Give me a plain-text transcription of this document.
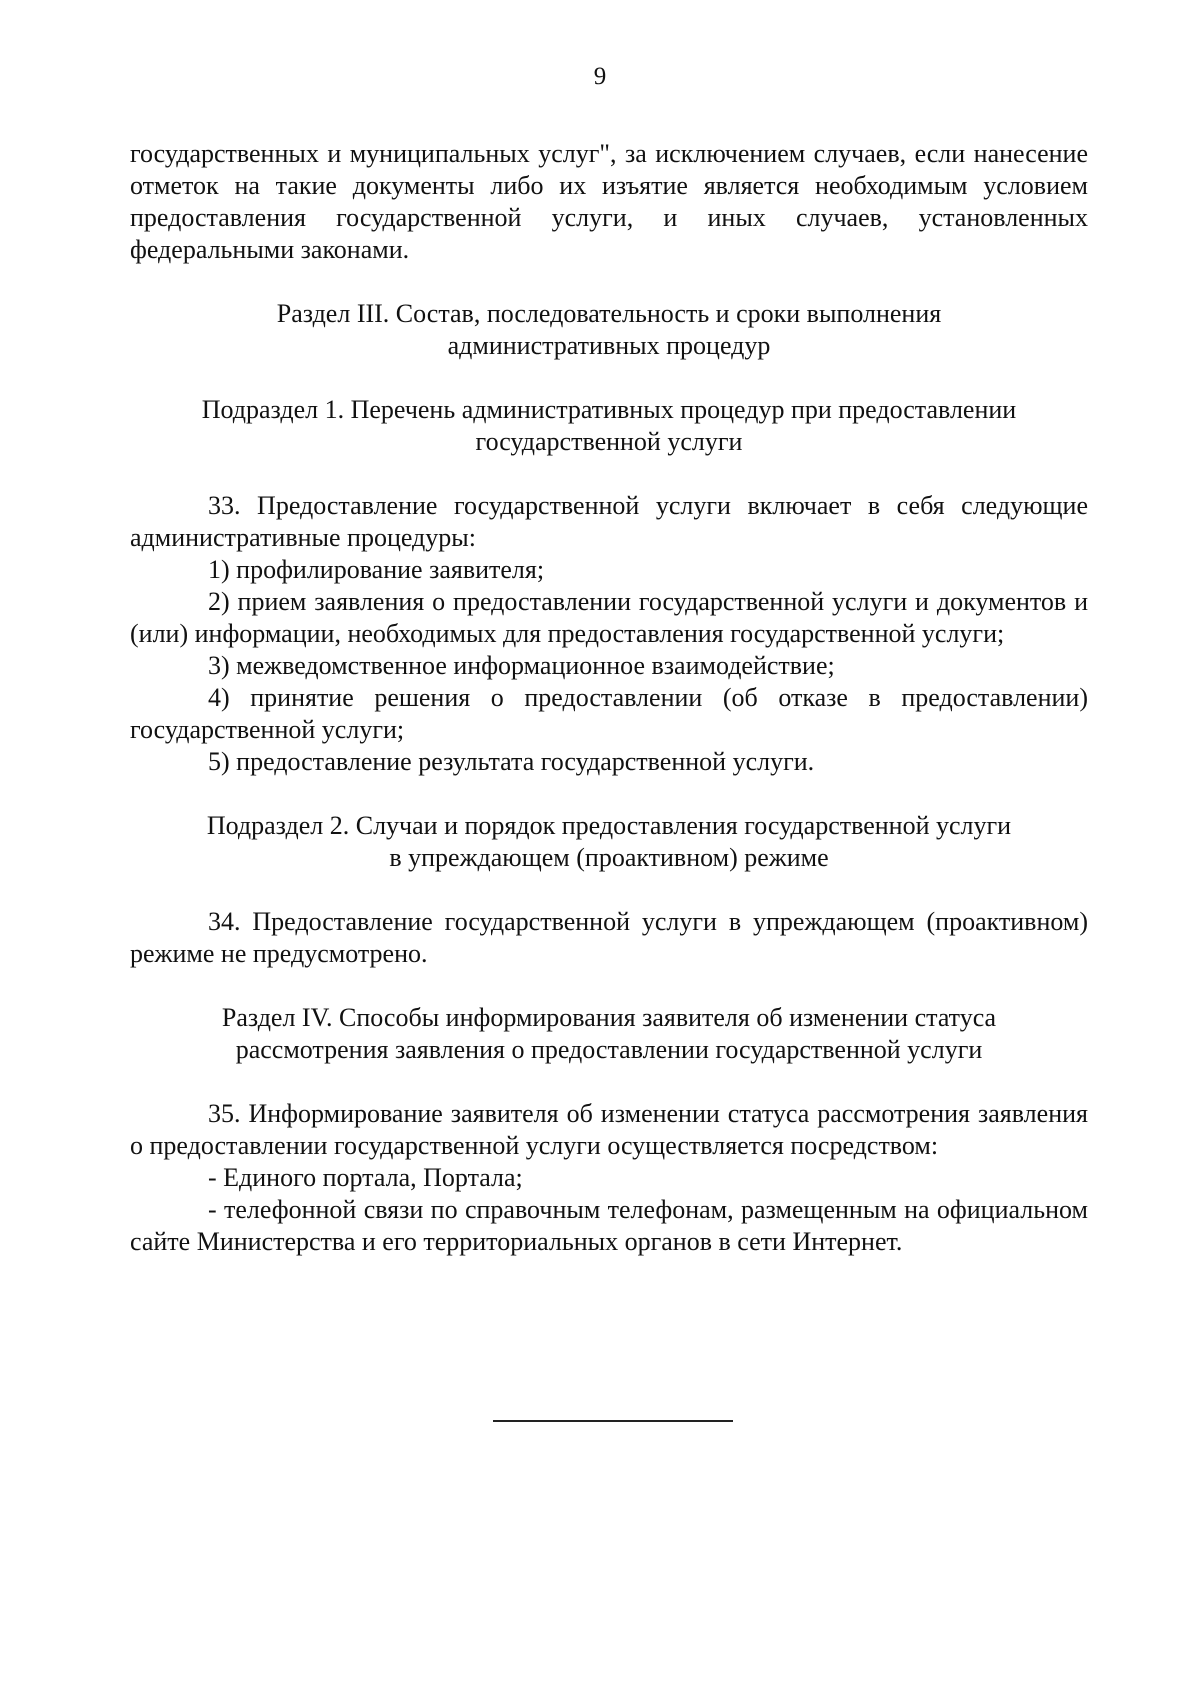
9

государственных и муниципальных услуг", за исключением случаев, если нанесение отметок на такие документы либо их изъятие является необходимым условием предоставления государственной услуги, и иных случаев, установленных федеральными законами.

Раздел III. Состав, последовательность и сроки выполнения

административных процедур

Подраздел 1. Перечень административных процедур при предоставлении

государственной услуги

33. Предоставление государственной услуги включает в себя следующие административные процедуры:

1) профилирование заявителя;

2) прием заявления о предоставлении государственной услуги и документов и (или) информации, необходимых для предоставления государственной услуги;

3) межведомственное информационное взаимодействие;

4) принятие решения о предоставлении (об отказе в предоставлении) государственной услуги;

5) предоставление результата государственной услуги.

Подраздел 2. Случаи и порядок предоставления государственной услуги

в упреждающем (проактивном) режиме

34. Предоставление государственной услуги в упреждающем (проактивном) режиме не предусмотрено.

Раздел IV. Способы информирования заявителя об изменении статуса

рассмотрения заявления о предоставлении государственной услуги

35. Информирование заявителя об изменении статуса рассмотрения заявления о предоставлении государственной услуги осуществляется посредством:

- Единого портала, Портала;

- телефонной связи по справочным телефонам, размещенным на официальном сайте Министерства и его территориальных органов в сети Интернет.
